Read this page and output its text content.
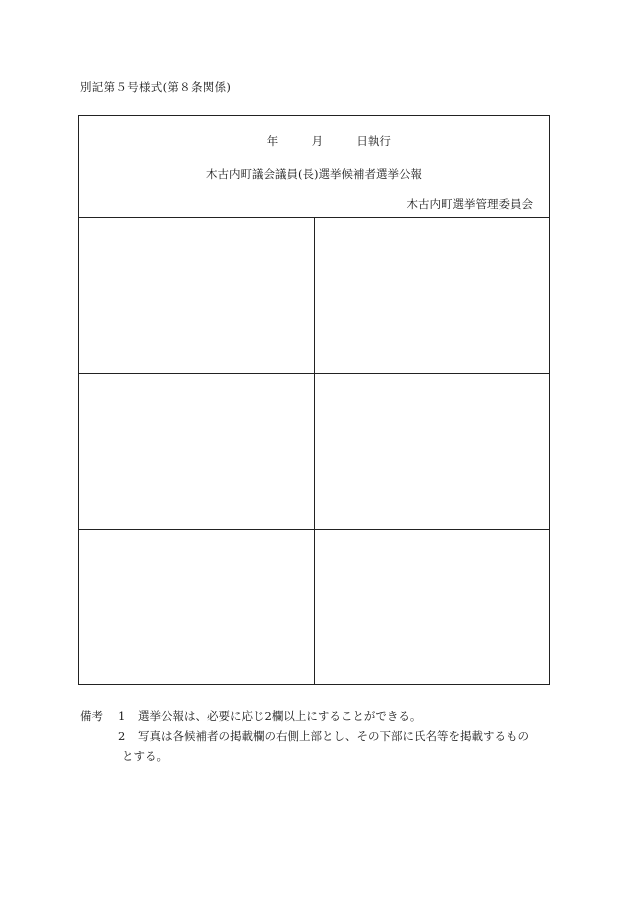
別記第５号様式(第８条関係)
年	月	日執行
木古内町議会議員(長)選挙候補者選挙公報
木古内町選挙管理委員会
備考	1	選挙公報は、必要に応じ2欄以上にすることができる。
2	写真は各候補者の掲載欄の右側上部とし、その下部に氏名等を掲載するもの
とする。
